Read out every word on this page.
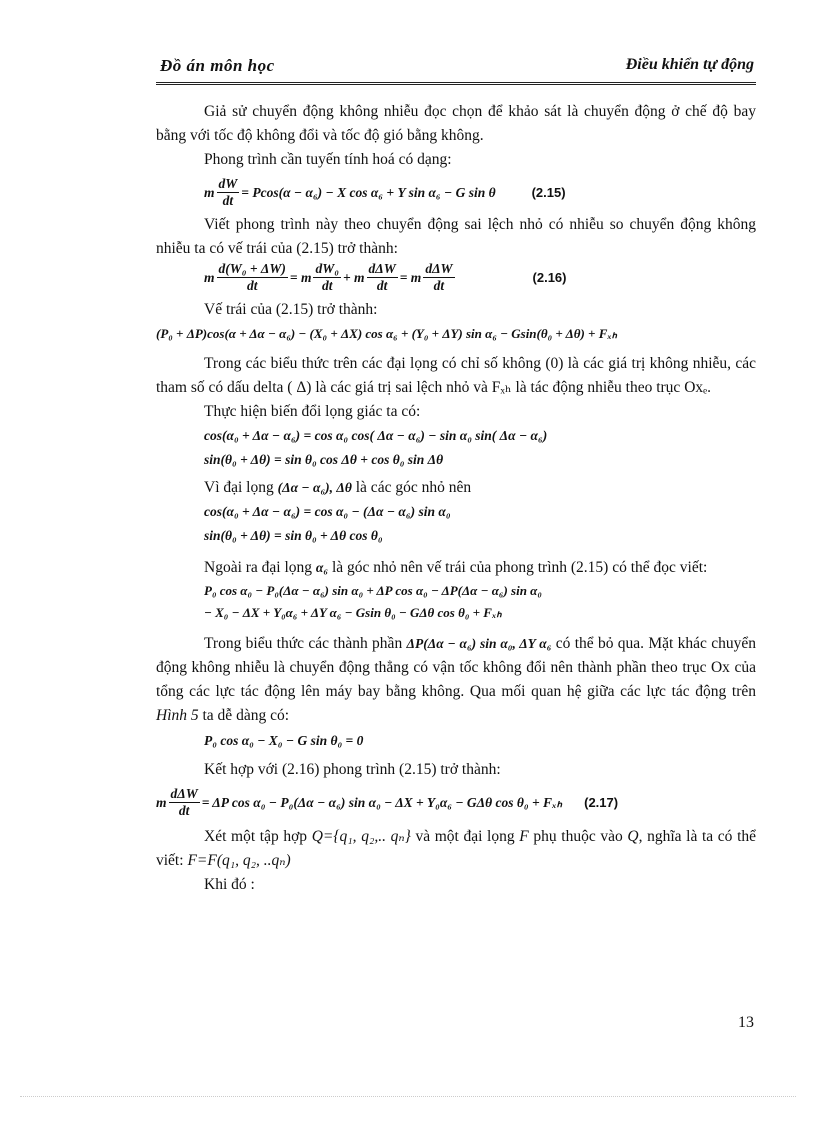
Đồ án môn học	Điều khiển tự động

Giả sử chuyển động không nhiễu đọc chọn để khảo sát là chuyển động ở chế độ bay bằng với tốc độ không đổi và tốc độ gió bằng không.

Phong trình cần tuyến tính hoá có dạng:

m $\frac{dW}{dt} = Pcos(\alpha - \alpha_6) - X$ cos α₆ + Y sin α₆ − G sin θ	(2.15)

Viết phong trình này theo chuyển động sai lệch nhỏ có nhiễu so chuyển động không nhiễu ta có vế trái của (2.15) trở thành:

m $\frac{\text{d(W₀ + ΔW)}}{dt} = m \frac{\text{dW₀}}{dt} + m \frac{\text{dΔW}}{dt} = m \frac{\text{dΔW}}{dt}$	(2.16)

Vế trái của (2.15) trở thành:

(P₀ + ΔP)cos(α + Δα − α₆) − (X₀ + ΔX) cos α₆ + (Y₀ + ΔY) sin α₆ − Gsin(θ₀ + Δθ) + Fₓₕ

Trong các biểu thức trên các đại lọng có chỉ số không (0) là các giá trị không nhiễu, các tham số có dấu delta ( Δ) là các giá trị sai lệch nhỏ và Fₓₕ là tác động nhiễu theo trục Oxₑ.

Thực hiện biến đổi lọng giác ta có:

cos(α₀ + Δα − α₆) = cos α₀ cos( Δα − α₆) − sin α₀ sin( Δα − α₆)
sin(θ₀ + Δθ) = sin θ₀ cos Δθ + cos θ₀ sin Δθ

Vì đại lọng (Δα − α₆), Δθ là các góc nhỏ nên

cos(α₀ + Δα − α₆) = cos α₀ − (Δα − α₆) sin α₀
sin(θ₀ + Δθ) = sin θ₀ + Δθ cos θ₀

Ngoài ra đại lọng α₆ là góc nhỏ nên vế trái của phong trình (2.15) có thể đọc viết:

P₀ cos α₀ − P₀(Δα − α₆) sin α₀ + ΔP cos α₀ − ΔP(Δα − α₆) sin α₀
− X₀ − ΔX + Y₀α₆ + ΔY α₆ − Gsin θ₀ − GΔθ cos θ₀ + Fₓₕ

Trong biểu thức các thành phần ΔP(Δα − α₆) sin α₀, ΔY α₆ có thể bỏ qua. Mặt khác chuyển động không nhiễu là chuyển động thẳng có vận tốc không đổi nên thành phần theo trục Ox của tổng các lực tác động lên máy bay bằng không. Qua mối quan hệ giữa các lực tác động trên Hình 5 ta dễ dàng có:

P₀ cos α₀ − X₀ − G sin θ₀ = 0

Kết hợp với (2.16) phong trình (2.15) trở thành:

m $\frac{\text{dΔW}}{dt} = \Delta P$ cos α₀ − P₀(Δα − α₆) sin α₀ − ΔX + Y₀α₆ − GΔθ cos θ₀ + Fₓₕ (2.17)

Xét một tập hợp Q={q₁, q₂,.. qₙ} và một đại lọng F phụ thuộc vào Q, nghĩa là ta có thể viết: F=F(q₁, q₂, ..qₙ)

Khi đó :

13
